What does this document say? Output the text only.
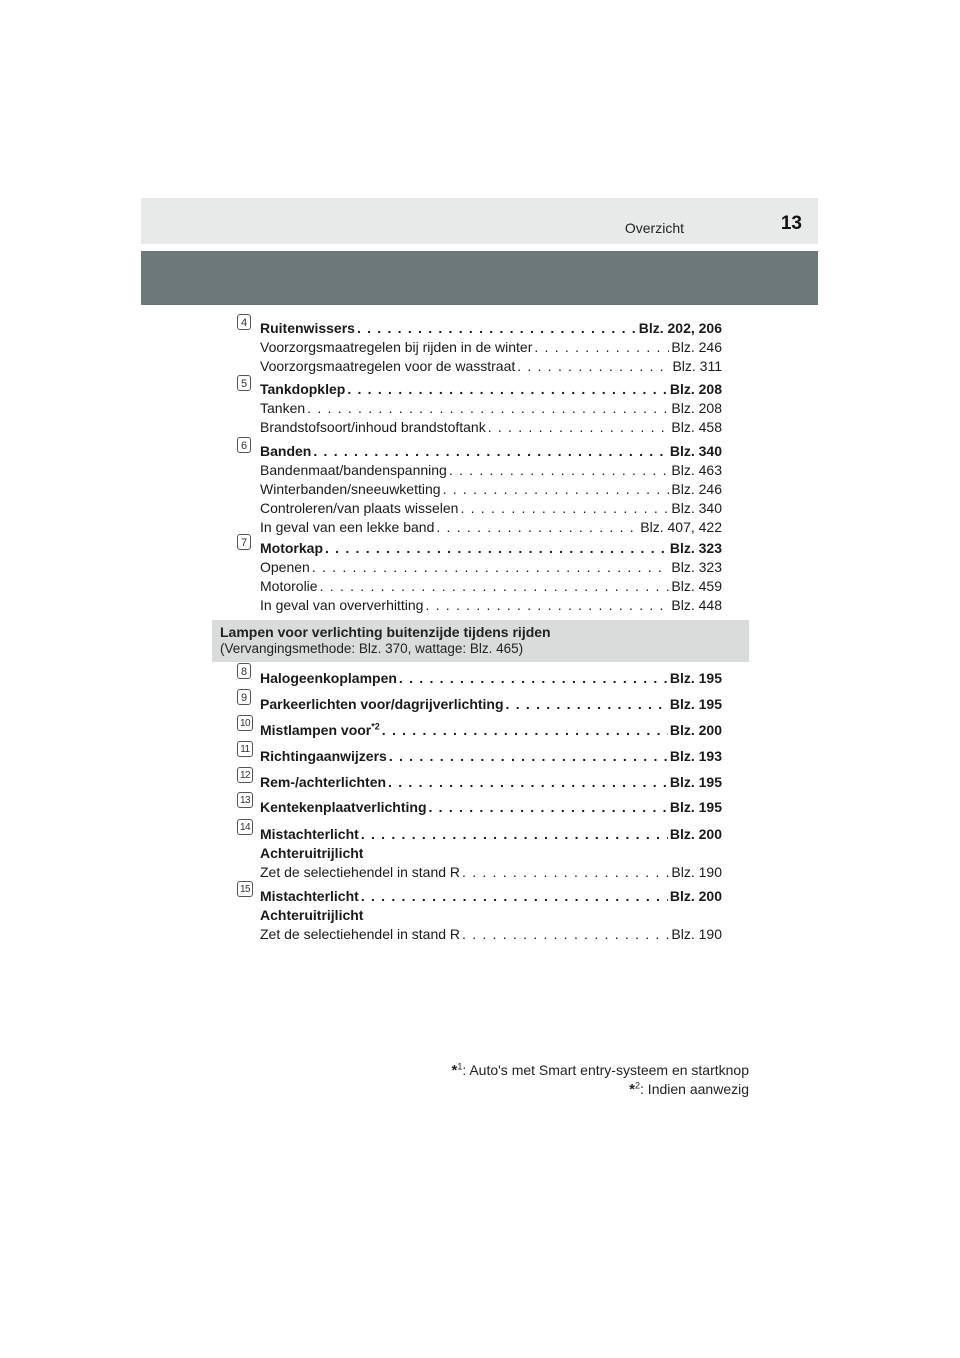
Overzicht	13
4 Ruitenwissers . . .	Blz. 202, 206
Voorzorgsmaatregelen bij rijden in de winter . . .	Blz. 246
Voorzorgsmaatregelen voor de wasstraat . . .	Blz. 311
5 Tankdopklep . . .	Blz. 208
Tanken . . .	Blz. 208
Brandstofsoort/inhoud brandstoftank . . .	Blz. 458
6 Banden . . .	Blz. 340
Bandenmaat/bandenspanning . . .	Blz. 463
Winterbanden/sneeuwketting . . .	Blz. 246
Controleren/van plaats wisselen . . .	Blz. 340
In geval van een lekke band . . .	Blz. 407, 422
7 Motorkap . . .	Blz. 323
Openen . . .	Blz. 323
Motorolie . . .	Blz. 459
In geval van oververhitting . . .	Blz. 448
8 Halogeenkoplampen . . .	Blz. 195
9 Parkeerlichten voor/dagrijverlichting . . .	Blz. 195
10 Mistlampen voor$^{*2}$ . . .	Blz. 200
11 Richtingaanwijzers . . .	Blz. 193
12 Rem-/achterlichten . . .	Blz. 195
13 Kentekenplaatverlichting . . .	Blz. 195
14 Mistachterlicht . . .	Blz. 200
Achteruitrijlicht
Zet de selectiehendel in stand R . . .	Blz. 190
15 Mistachterlicht . . .	Blz. 200
Achteruitrijlicht
Zet de selectiehendel in stand R . . .	Blz. 190
Lampen voor verlichting buitenzijde tijdens rijden
(Vervangingsmethode: Blz. 370, wattage: Blz. 465)
*$^1$: Auto's met Smart entry-systeem en startknop
*$^2$: Indien aanwezig
